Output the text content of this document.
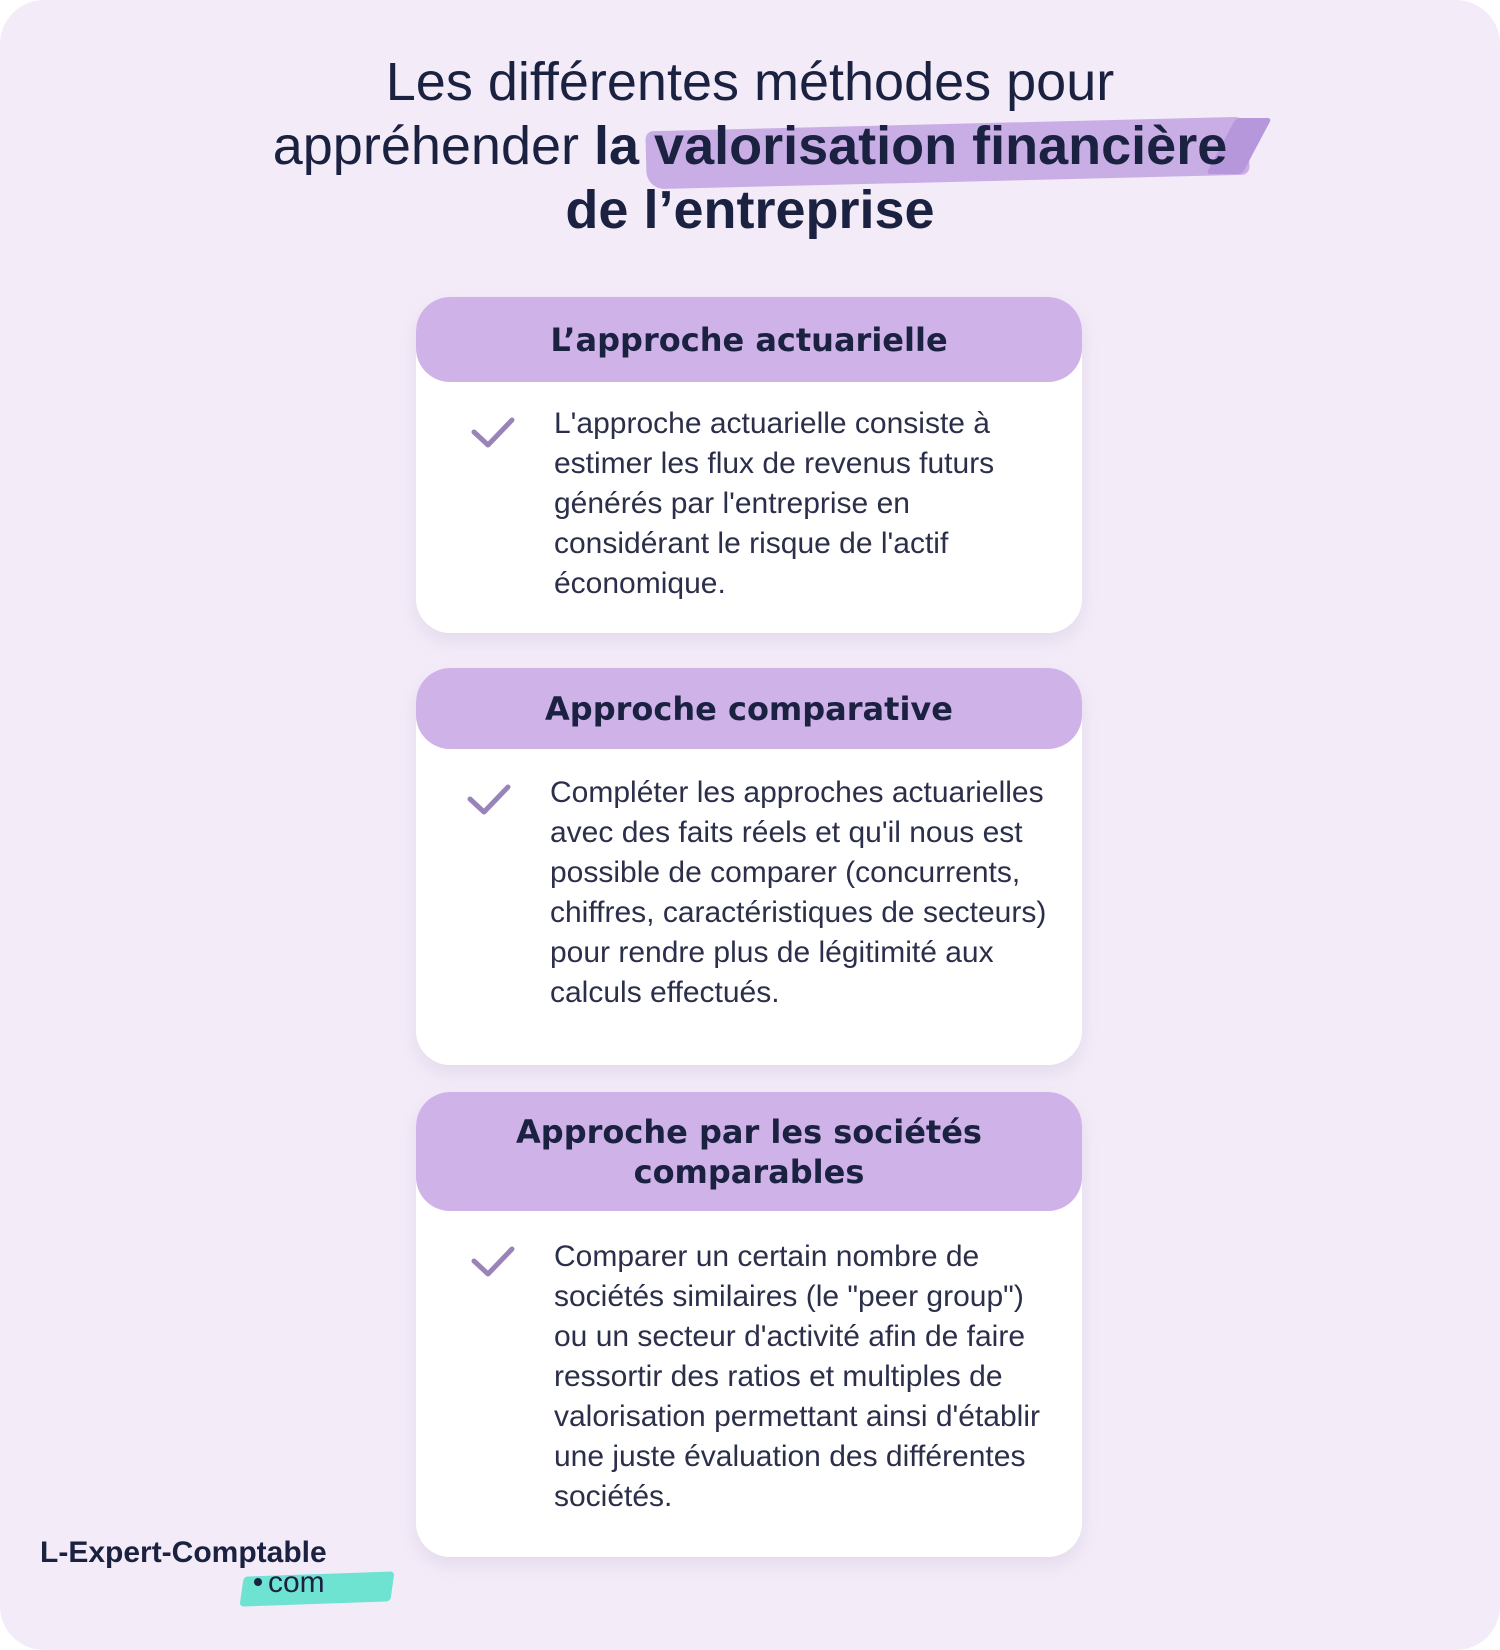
Les différentes méthodes pour
appréhender la valorisation financière
de l’entreprise
L’approche actuarielle

L'approche actuarielle consiste à estimer les flux de revenus futurs générés par l'entreprise en considérant le risque de l'actif économique.

Approche comparative

Compléter les approches actuarielles avec des faits réels et qu'il nous est possible de comparer (concurrents, chiffres, caractéristiques de secteurs) pour rendre plus de légitimité aux calculs effectués.

Approche par les sociétés comparables

Comparer un certain nombre de sociétés similaires (le "peer group") ou un secteur d'activité afin de faire ressortir des ratios et multiples de valorisation permettant ainsi d'établir une juste évaluation des différentes sociétés.

L-Expert-Comptable
com
